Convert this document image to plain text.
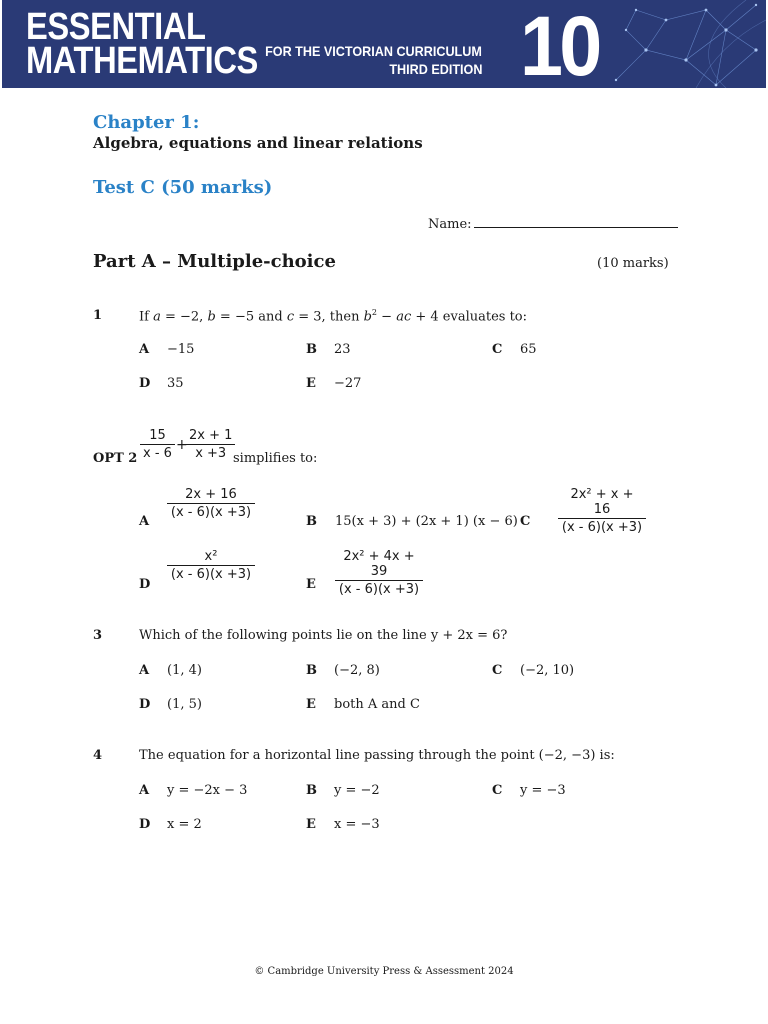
ESSENTIAL
MATHEMATICS FOR THE VICTORIAN CURRICULUM
THIRD EDITION 10
Chapter 1:
Algebra, equations and linear relations
Test C (50 marks)
Name:
Part A – Multiple-choice	(10 marks)
1	If a = −2, b = −5 and c = 3, then $b^2$ − ac + 4 evaluates to:
A −15	B 23	C 65
D 35	E −27
15
x - 6
+
2x + 1
x +3
OPT 2	simplifies to:
A
2x + 16
(x - 6)(x +3)
B 15(x + 3) + (2x + 1) (x − 6) C
2x² + x + 16
(x - 6)(x +3)
D
x²
(x - 6)(x +3)
E
2x² + 4x + 39
(x - 6)(x +3)
3	Which of the following points lie on the line y + 2x = 6?
A (1, 4)	B (−2, 8)	C (−2, 10)
D (1, 5)	E both A and C
4	The equation for a horizontal line passing through the point (−2, −3) is:
A y = −2x − 3	B y = −2	C y = −3
D x = 2	E x = −3
© Cambridge University Press & Assessment 2024
